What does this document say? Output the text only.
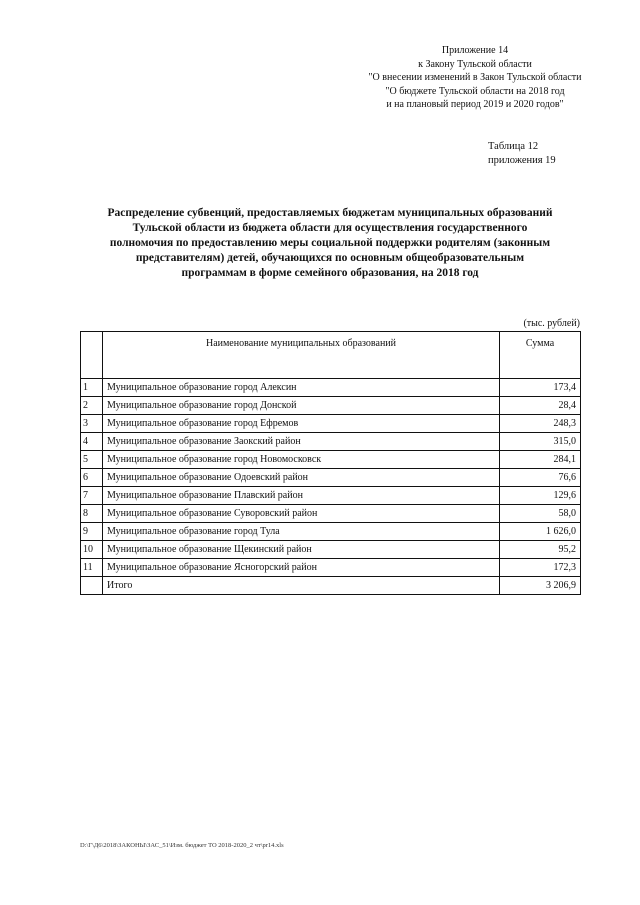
Приложение 14
к Закону Тульской области
"О внесении изменений в Закон Тульской области
"О бюджете Тульской области на 2018 год
и на плановый период 2019 и 2020 годов"
Таблица 12
приложения 19
Распределение субвенций, предоставляемых бюджетам муниципальных образований
Тульской области из бюджета области для осуществления государственного
полномочия по предоставлению меры социальной поддержки родителям (законным
представителям) детей, обучающихся по основным общеобразовательным
программам в форме семейного образования, на 2018 год
(тыс. рублей)
	Наименование муниципальных образований	Сумма
1	Муниципальное образование город Алексин	173,4
2	Муниципальное образование город Донской	28,4
3	Муниципальное образование город Ефремов	248,3
4	Муниципальное образование Заокский район	315,0
5	Муниципальное образование город Новомосковск	284,1
6	Муниципальное образование Одоевский район	76,6
7	Муниципальное образование Плавский район	129,6
8	Муниципальное образование Суворовский район	58,0
9	Муниципальное образование город Тула	1 626,0
10	Муниципальное образование Щекинский район	95,2
11	Муниципальное образование Ясногорский район	172,3
	Итого	3 206,9
D:\Г\Д6\2018\ЗАКОНЫ\ЗАС_51\Изм. бюджет ТО 2018-2020_2 чт\pr14.xls
